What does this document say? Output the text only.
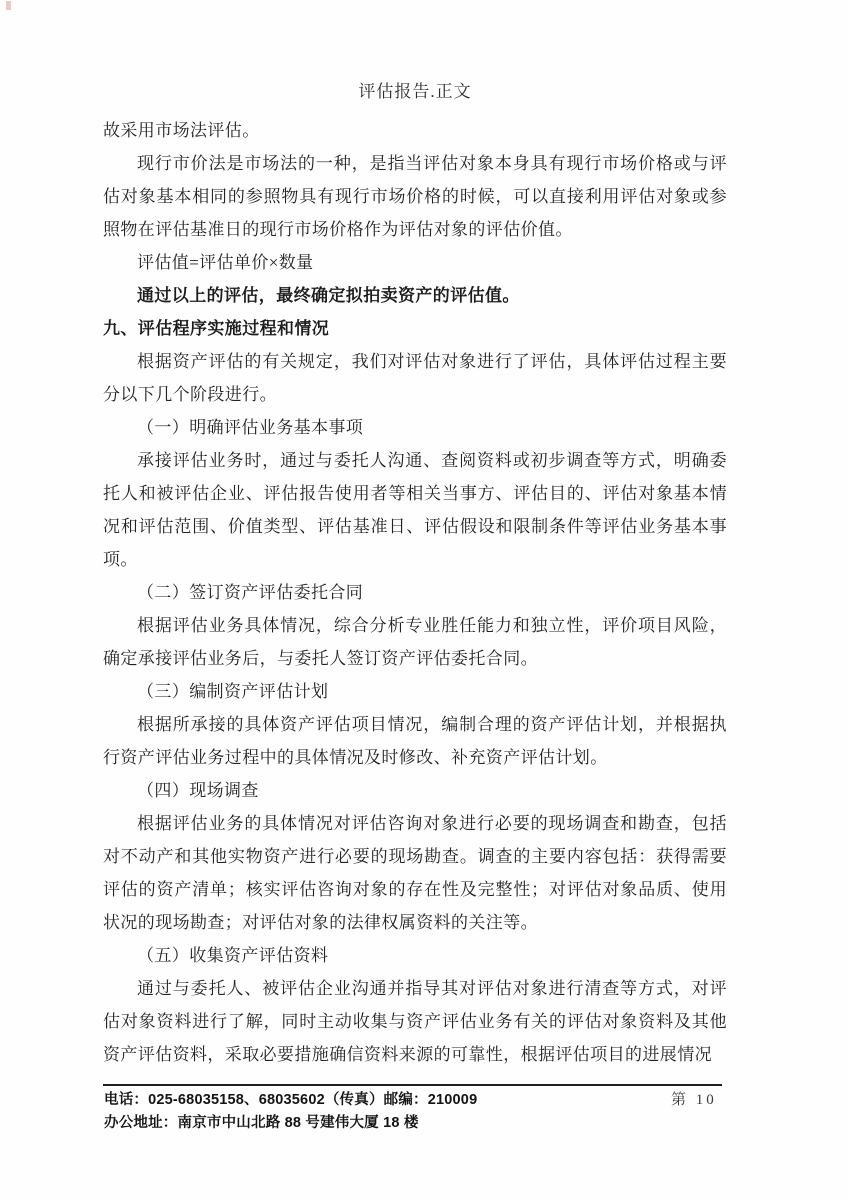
评估报告.正文

故采用市场法评估。

现行市价法是市场法的一种，是指当评估对象本身具有现行市场价格或与评估对象基本相同的参照物具有现行市场价格的时候，可以直接利用评估对象或参照物在评估基准日的现行市场价格作为评估对象的评估价值。

评估值=评估单价×数量

通过以上的评估，最终确定拟拍卖资产的评估值。

九、评估程序实施过程和情况

根据资产评估的有关规定，我们对评估对象进行了评估，具体评估过程主要分以下几个阶段进行。

（一）明确评估业务基本事项

承接评估业务时，通过与委托人沟通、查阅资料或初步调查等方式，明确委托人和被评估企业、评估报告使用者等相关当事方、评估目的、评估对象基本情况和评估范围、价值类型、评估基准日、评估假设和限制条件等评估业务基本事项。

（二）签订资产评估委托合同

根据评估业务具体情况，综合分析专业胜任能力和独立性，评价项目风险，确定承接评估业务后，与委托人签订资产评估委托合同。

（三）编制资产评估计划

根据所承接的具体资产评估项目情况，编制合理的资产评估计划，并根据执行资产评估业务过程中的具体情况及时修改、补充资产评估计划。

（四）现场调查

根据评估业务的具体情况对评估咨询对象进行必要的现场调查和勘查，包括对不动产和其他实物资产进行必要的现场勘查。调查的主要内容包括：获得需要评估的资产清单；核实评估咨询对象的存在性及完整性；对评估对象品质、使用状况的现场勘查；对评估对象的法律权属资料的关注等。

（五）收集资产评估资料

通过与委托人、被评估企业沟通并指导其对评估对象进行清查等方式，对评估对象资料进行了解，同时主动收集与资产评估业务有关的评估对象资料及其他资产评估资料，采取必要措施确信资料来源的可靠性，根据评估项目的进展情况

电话：025-68035158、68035602（传真）邮编：210009
办公地址：南京市中山北路 88 号建伟大厦 18 楼
第 10
